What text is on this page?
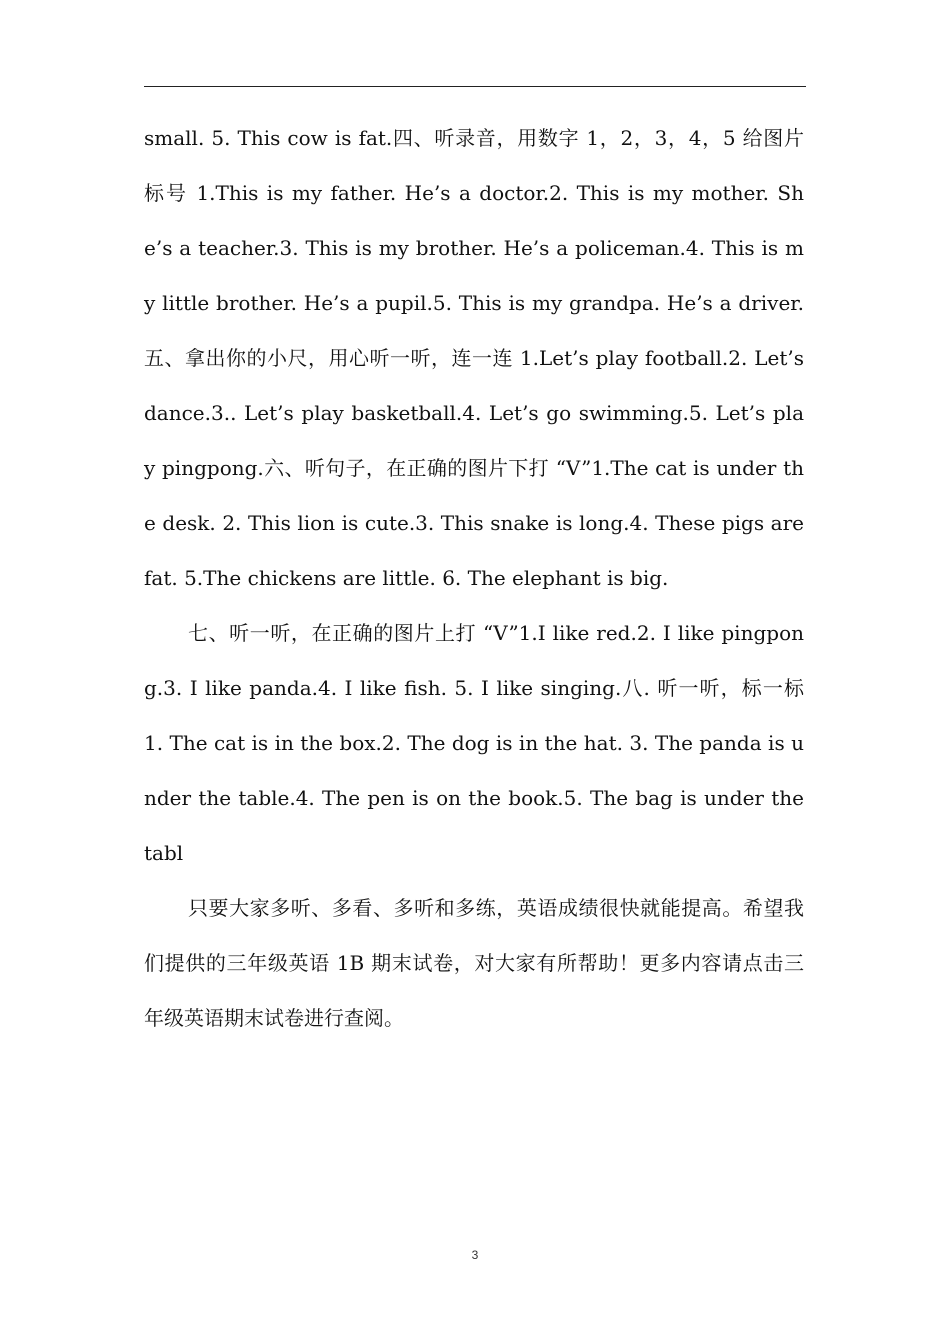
small. 5. This cow is fat.四、听录音，用数字 1，2，3，4，5 给图片标号 1.This is my father. He’s a doctor.2. This is my mother. She’s a teacher.3. This is my brother. He’s a policeman.4. This is my little brother. He’s a pupil.5. This is my grandpa. He’s a driver.五、拿出你的小尺，用心听一听，连一连 1.Let’s play football.2. Let’s dance.3.. Let’s play basketball.4. Let’s go swimming.5. Let’s play pingpong.六、听句子，在正确的图片下打 “V”1.The cat is under the desk. 2. This lion is cute.3. This snake is long.4. These pigs are fat. 5.The chickens are little. 6. The elephant is big.

七、听一听，在正确的图片上打 “V”1.I like red.2. I like pingpong.3. I like panda.4. I like fish. 5. I like singing.八. 听一听，标一标 1. The cat is in the box.2. The dog is in the hat. 3. The panda is under the table.4. The pen is on the book.5. The bag is under the tabl

只要大家多听、多看、多听和多练，英语成绩很快就能提高。希望我们提供的三年级英语 1B 期末试卷，对大家有所帮助！更多内容请点击三年级英语期末试卷进行查阅。

3
